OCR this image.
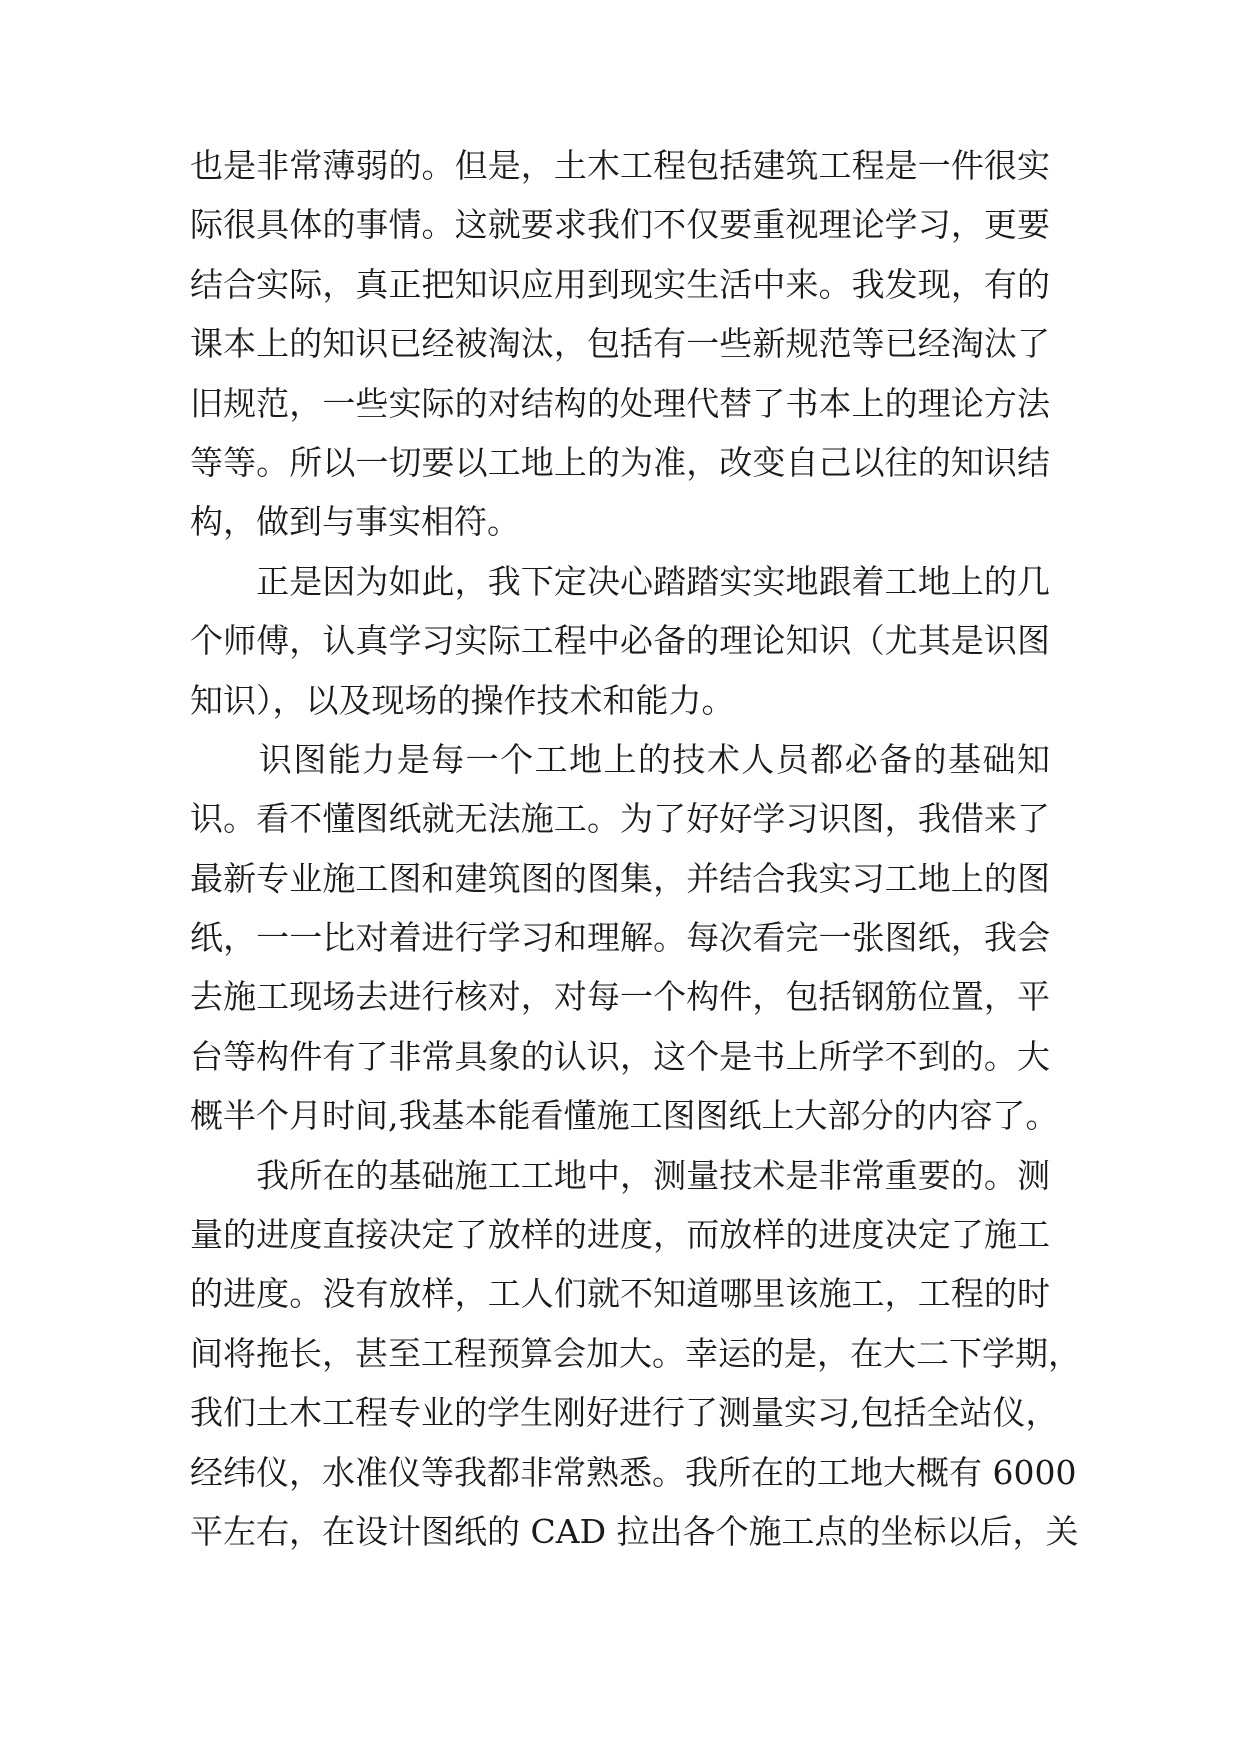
也是非常薄弱的。但是，土木工程包括建筑工程是一件很实
际很具体的事情。这就要求我们不仅要重视理论学习，更要
结合实际，真正把知识应用到现实生活中来。我发现，有的
课本上的知识已经被淘汰，包括有一些新规范等已经淘汰了
旧规范，一些实际的对结构的处理代替了书本上的理论方法
等等。所以一切要以工地上的为准，改变自己以往的知识结
构，做到与事实相符。
　　正是因为如此，我下定决心踏踏实实地跟着工地上的几
个师傅，认真学习实际工程中必备的理论知识（尤其是识图
知识），以及现场的操作技术和能力。
　　识图能力是每一个工地上的技术人员都必备的基础知
识。看不懂图纸就无法施工。为了好好学习识图，我借来了
最新专业施工图和建筑图的图集，并结合我实习工地上的图
纸，一一比对着进行学习和理解。每次看完一张图纸，我会
去施工现场去进行核对，对每一个构件，包括钢筋位置，平
台等构件有了非常具象的认识，这个是书上所学不到的。大
概半个月时间,我基本能看懂施工图图纸上大部分的内容了。
　　我所在的基础施工工地中，测量技术是非常重要的。测
量的进度直接决定了放样的进度，而放样的进度决定了施工
的进度。没有放样，工人们就不知道哪里该施工，工程的时
间将拖长，甚至工程预算会加大。幸运的是，在大二下学期，
我们土木工程专业的学生刚好进行了测量实习,包括全站仪，
经纬仪，水准仪等我都非常熟悉。我所在的工地大概有 6000
平左右，在设计图纸的 CAD 拉出各个施工点的坐标以后，关
